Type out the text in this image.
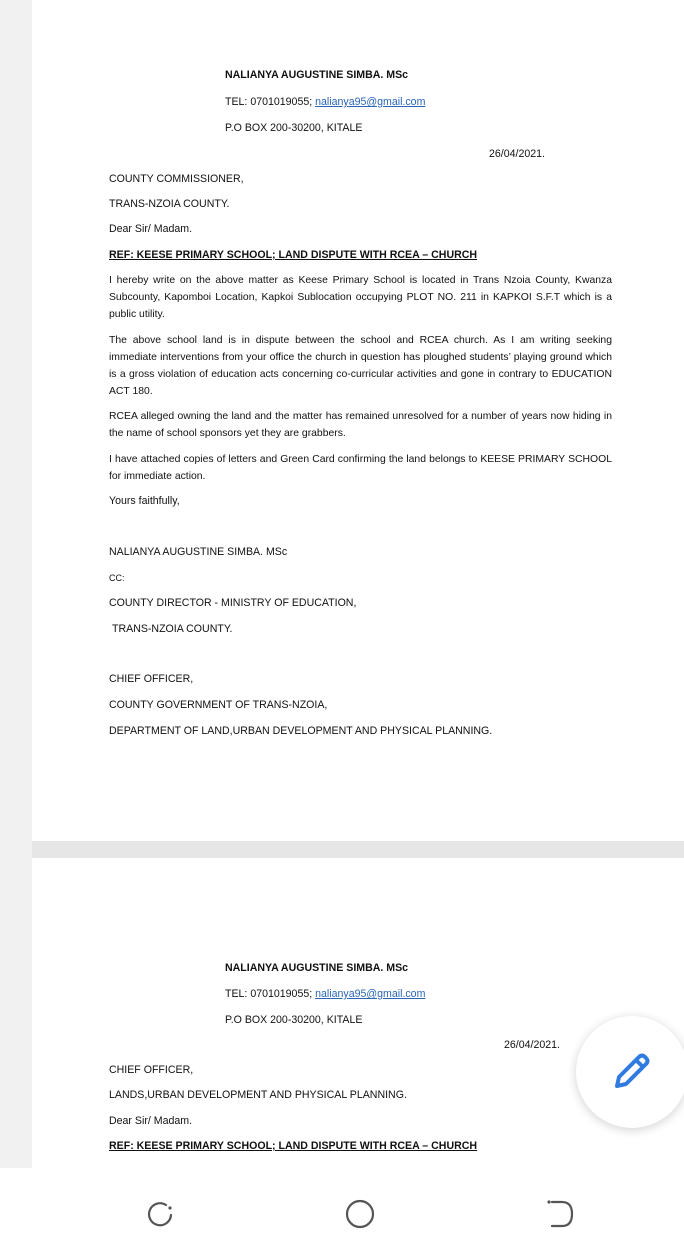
NALIANYA AUGUSTINE SIMBA. MSc
TEL: 0701019055; nalianya95@gmail.com
P.O BOX 200-30200, KITALE
26/04/2021.
COUNTY COMMISSIONER,
TRANS-NZOIA COUNTY.
Dear Sir/ Madam.
REF: KEESE PRIMARY SCHOOL; LAND DISPUTE WITH RCEA – CHURCH
I hereby write on the above matter as Keese Primary School is located in Trans Nzoia County, Kwanza Subcounty, Kapomboi Location, Kapkoi Sublocation occupying PLOT NO. 211 in KAPKOI S.F.T which is a public utility.
The above school land is in dispute between the school and RCEA church. As I am writing seeking immediate interventions from your office the church in question has ploughed students’ playing ground which is a gross violation of education acts concerning co-curricular activities and gone in contrary to EDUCATION ACT 180.
RCEA alleged owning the land and the matter has remained unresolved for a number of years now hiding in the name of school sponsors yet they are grabbers.
I have attached copies of letters and Green Card confirming the land belongs to KEESE PRIMARY SCHOOL for immediate action.
Yours faithfully,
NALIANYA AUGUSTINE SIMBA. MSc
CC:
COUNTY DIRECTOR - MINISTRY OF EDUCATION,
TRANS-NZOIA COUNTY.
CHIEF OFFICER,
COUNTY GOVERNMENT OF TRANS-NZOIA,
DEPARTMENT OF LAND,URBAN DEVELOPMENT AND PHYSICAL PLANNING.
NALIANYA AUGUSTINE SIMBA. MSc
TEL: 0701019055; nalianya95@gmail.com
P.O BOX 200-30200, KITALE
26/04/2021.
CHIEF OFFICER,
LANDS,URBAN DEVELOPMENT AND PHYSICAL PLANNING.
Dear Sir/ Madam.
REF: KEESE PRIMARY SCHOOL; LAND DISPUTE WITH RCEA – CHURCH
